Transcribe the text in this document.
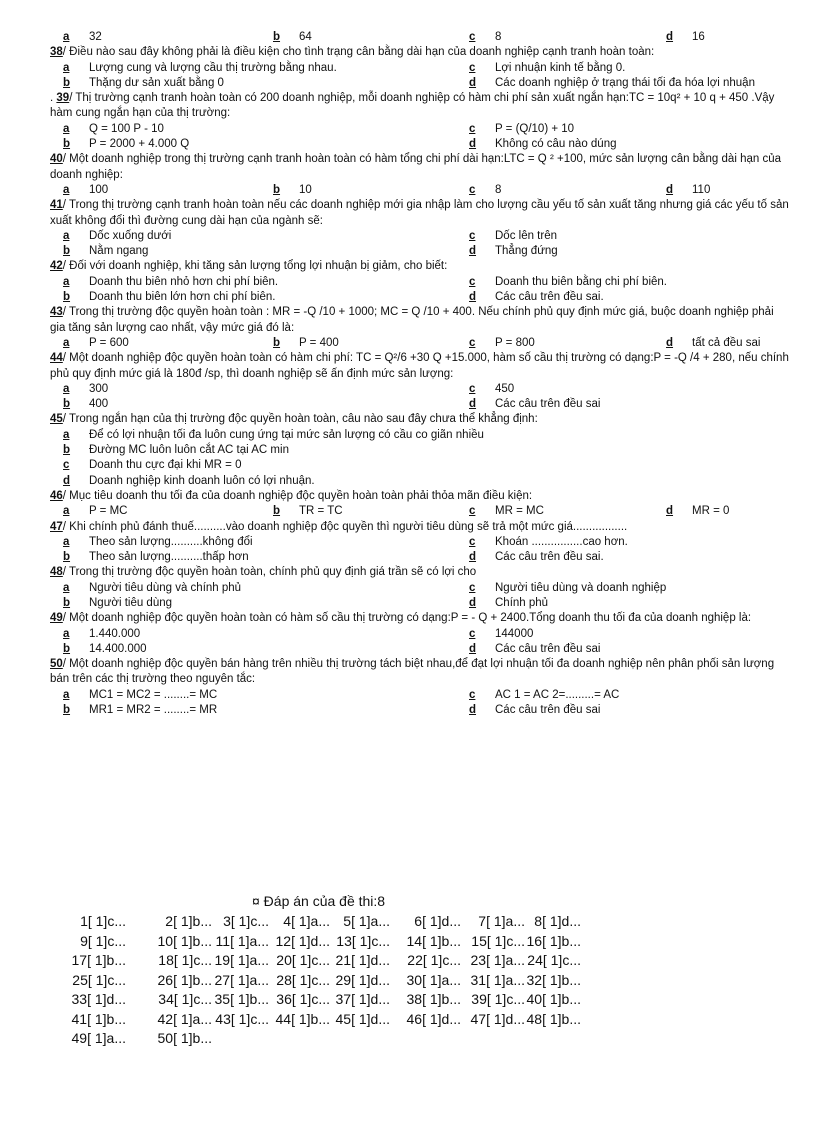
a	32	b	64	c	8	d	16
38/ Điều nào sau đây không phải là điều kiện cho tình trạng cân bằng dài hạn của doanh nghiệp cạnh tranh hoàn toàn:
a	Lượng cung và lượng cầu thị trường bằng nhau.	c	Lợi nhuận kinh tế bằng 0.
b	Thặng dư sản xuất bằng 0	d	Các doanh nghiệp ở trạng thái tối đa hóa lợi nhuận
. 39/ Thị trường cạnh tranh hoàn toàn có 200 doanh nghiệp, mỗi doanh nghiệp có hàm chi phí sản xuất ngắn hạn:TC = 10q² + 10 q + 450 .Vậy hàm cung ngắn hạn của thị trường:
a	Q = 100 P - 10	c	P = (Q/10) + 10
b	P = 2000 + 4.000 Q	d	Không có câu nào dúng
40/ Một doanh nghiệp trong thị trường cạnh tranh hoàn toàn có hàm tổng chi phí dài hạn:LTC = Q ² +100, mức sản lượng cân bằng dài hạn của doanh nghiệp:
a	100	b	10	c	8	d	110
41/ Trong thị trường cạnh tranh hoàn toàn nếu các doanh nghiệp mới gia nhập làm cho lượng cầu yếu tố sản xuất tăng nhưng giá các yếu tố sản xuất không đổi thì đường cung dài hạn của ngành sẽ:
a	Dốc xuống dưới	c	Dốc lên trên
b	Nằm ngang	d	Thẳng đứng
42/ Đối với doanh nghiệp, khi tăng sản lượng tổng lợi nhuận bị giảm, cho biết:
a	Doanh thu biên nhỏ hơn chi phí biên.	c	Doanh thu biên bằng chi phí biên.
b	Doanh thu biên lớn hơn chi phí biên.	d	Các câu trên đều sai.
43/ Trong thị trường độc quyền hoàn toàn : MR = -Q /10 + 1000; MC = Q /10 + 400. Nếu chính phủ quy định mức giá, buộc doanh nghiệp phải gia tăng sản lượng cao nhất, vậy mức giá đó là:
a	P = 600	b	P = 400	c	P = 800	d	tất cả đều sai
44/ Một doanh nghiệp độc quyền hoàn toàn có hàm chi phí: TC = Q²/6 +30 Q +15.000, hàm số cầu thị trường có dạng:P = -Q /4 + 280, nếu chính phủ quy định mức giá là 180đ /sp, thì doanh nghiệp sẽ ấn định mức sản lượng:
a	300	c	450
b	400	d	Các câu trên đều sai
45/ Trong ngắn hạn của thị trường độc quyền hoàn toàn, câu nào sau đây chưa thể khẳng định:
a	Để có lợi nhuận tối đa luôn cung ứng tại mức sản lượng có cầu co giãn nhiều
b	Đường MC luôn luôn cắt AC tại AC min
c	Doanh thu cực đại khi MR = 0
d	Doanh nghiệp kinh doanh luôn có lợi nhuận.
46/ Mục tiêu doanh thu tối đa của doanh nghiệp độc quyền hoàn toàn phải thỏa mãn điều kiện:
a	P = MC	b	TR = TC	c	MR = MC	d	MR = 0
47/ Khi chính phủ đánh thuế..........vào doanh nghiệp độc quyền thì người tiêu dùng sẽ trả một mức giá.................
a	Theo sản lượng..........không đổi	c	Khoán ................cao hơn.
b	Theo sản lượng..........thấp hơn	d	Các câu trên đều sai.
48/ Trong thị trường độc quyền hoàn toàn, chính phủ quy định giá trần sẽ có lợi cho
a	Người tiêu dùng và chính phủ	c	Người tiêu dùng và doanh nghiệp
b	Người tiêu dùng	d	Chính phủ
49/ Một doanh nghiệp độc quyền hoàn toàn có hàm số cầu thị trường có dạng:P = - Q + 2400.Tổng doanh thu tối đa của doanh nghiệp là:
a	1.440.000	c	144000
b	14.400.000	d	Các câu trên đều sai
50/ Một doanh nghiệp độc quyền bán hàng trên nhiều thị trường tách biệt nhau,để đạt lợi nhuận tối đa doanh nghiệp nên phân phối sản lượng bán trên các thị trường theo nguyên tắc:
a	MC1 = MC2 = ........= MC	c	AC 1 = AC 2=.........= AC
b	MR1 = MR2 = ........= MR	d	Các câu trên đều sai
¤ Đáp án của đề thi:8
1[ 1]c...	2[ 1]b... 3[ 1]c...	4[ 1]a... 5[ 1]a...	6[ 1]d...	7[ 1]a... 8[ 1]d...
9[ 1]c...	10[ 1]b... 11[ 1]a... 12[ 1]d... 13[ 1]c...	14[ 1]b... 15[ 1]c... 16[ 1]b...
17[ 1]b...	18[ 1]c... 19[ 1]a... 20[ 1]c... 21[ 1]d...	22[ 1]c... 23[ 1]a... 24[ 1]c...
25[ 1]c...	26[ 1]b... 27[ 1]a... 28[ 1]c... 29[ 1]d...	30[ 1]a... 31[ 1]a... 32[ 1]b...
33[ 1]d...	34[ 1]c... 35[ 1]b... 36[ 1]c... 37[ 1]d...	38[ 1]b... 39[ 1]c... 40[ 1]b...
41[ 1]b...	42[ 1]a... 43[ 1]c... 44[ 1]b... 45[ 1]d...	46[ 1]d... 47[ 1]d... 48[ 1]b...
49[ 1]a...	50[ 1]b...
